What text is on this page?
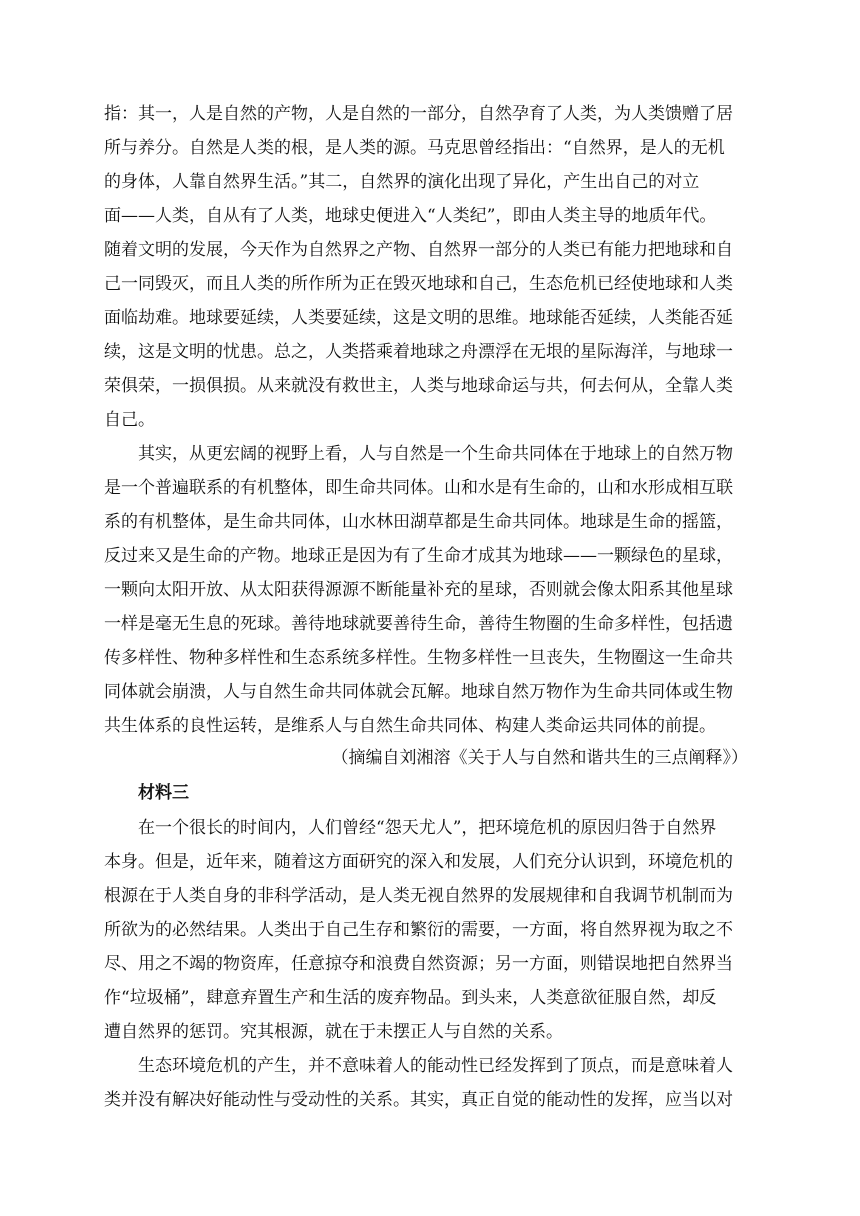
指：其一，人是自然的产物，人是自然的一部分，自然孕育了人类，为人类馈赠了居
所与养分。自然是人类的根，是人类的源。马克思曾经指出：“自然界，是人的无机
的身体，人靠自然界生活。”其二，自然界的演化出现了异化，产生出自己的对立
面——人类，自从有了人类，地球史便进入“人类纪”，即由人类主导的地质年代。
随着文明的发展，今天作为自然界之产物、自然界一部分的人类已有能力把地球和自
己一同毁灭，而且人类的所作所为正在毁灭地球和自己，生态危机已经使地球和人类
面临劫难。地球要延续，人类要延续，这是文明的思维。地球能否延续，人类能否延
续，这是文明的忧患。总之，人类搭乘着地球之舟漂浮在无垠的星际海洋，与地球一
荣俱荣，一损俱损。从来就没有救世主，人类与地球命运与共，何去何从，全靠人类
自己。
其实，从更宏阔的视野上看，人与自然是一个生命共同体在于地球上的自然万物
是一个普遍联系的有机整体，即生命共同体。山和水是有生命的，山和水形成相互联
系的有机整体，是生命共同体，山水林田湖草都是生命共同体。地球是生命的摇篮，
反过来又是生命的产物。地球正是因为有了生命才成其为地球——一颗绿色的星球，
一颗向太阳开放、从太阳获得源源不断能量补充的星球，否则就会像太阳系其他星球
一样是毫无生息的死球。善待地球就要善待生命，善待生物圈的生命多样性，包括遗
传多样性、物种多样性和生态系统多样性。生物多样性一旦丧失，生物圈这一生命共
同体就会崩溃，人与自然生命共同体就会瓦解。地球自然万物作为生命共同体或生物
共生体系的良性运转，是维系人与自然生命共同体、构建人类命运共同体的前提。
（摘编自刘湘溶《关于人与自然和谐共生的三点阐释》）
材料三
在一个很长的时间内，人们曾经“怨天尤人”，把环境危机的原因归咎于自然界
本身。但是，近年来，随着这方面研究的深入和发展，人们充分认识到，环境危机的
根源在于人类自身的非科学活动，是人类无视自然界的发展规律和自我调节机制而为
所欲为的必然结果。人类出于自己生存和繁衍的需要，一方面，将自然界视为取之不
尽、用之不竭的物资库，任意掠夺和浪费自然资源；另一方面，则错误地把自然界当
作“垃圾桶”，肆意弃置生产和生活的废弃物品。到头来，人类意欲征服自然，却反
遭自然界的惩罚。究其根源，就在于未摆正人与自然的关系。
生态环境危机的产生，并不意味着人的能动性已经发挥到了顶点，而是意味着人
类并没有解决好能动性与受动性的关系。其实，真正自觉的能动性的发挥，应当以对
